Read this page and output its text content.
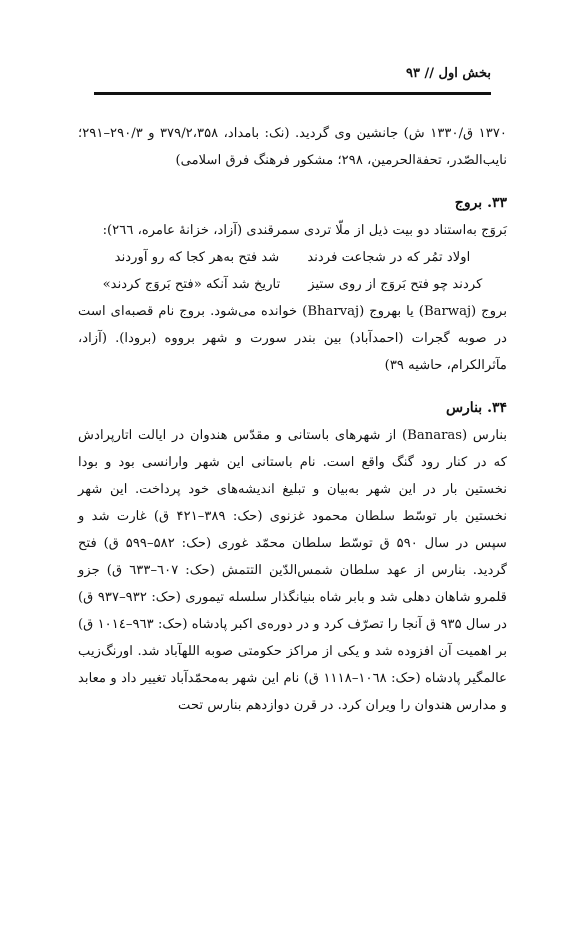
بخش اول // ۹۳

۱۳۷۰ ق/۱۳۳۰ ش) جانشین وی گردید. (نک: بامداد، ۳۷۹/۲،۳۵۸ و ۲۹۰/۳–۲۹۱؛ نایب‌الصّدر، تحفة‌الحرمین، ۲۹۸؛ مشکور فرهنگ فرق اسلامی)

۳۳. بروج

بَروَج به‌استناد دو بیت ذیل از ملّا تردی سمرقندی (آزاد، خزانهٔ عامره، ۲٦٦):

اولاد تمُر که در شجاعت فردند
شد فتح به‌هر کجا که رو آوردند
کردند چو فتح بَروَج از روی ستیز
تاریخ شد آنکه «فتح بَروَج کردند»

بروج (Barwaj) یا بهروج (Bharvaj) خوانده می‌شود. بروج نام قصبه‌ای است در صوبه گجرات (احمدآباد) بین بندر سورت و شهر برووه (برودا). (آزاد، مآثرالکرام، حاشیه ۳۹)

۳۴. بنارس

بنارس (Banaras) از شهرهای باستانی و مقدّس هندوان در ایالت اتارپرادش که در کنار رود گنگ واقع است. نام باستانی این شهر وارانسی بود و بودا نخستین بار در این شهر به‌بیان و تبلیغ اندیشه‌های خود پرداخت. این شهر نخستین بار توسّط سلطان محمود غزنوی (حک: ۳۸۹–۴۲۱ ق) غارت شد و سپس در سال ۵۹۰ ق توسّط سلطان محمّد غوری (حک: ۵۸۲–۵۹۹ ق) فتح گردید. بنارس از عهد سلطان شمس‌الدّین التتمش (حک: ٦۰۷–٦۳۳ ق) جزو قلمرو شاهان دهلی شد و بابر شاه بنیانگذار سلسله تیموری (حک: ۹۳۲–۹۳۷ ق) در سال ۹۳۵ ق آنجا را تصرّف کرد و در دوره‌ی اکبر پادشاه (حک: ۹٦۳–۱۰۱٤ ق) بر اهمیت آن افزوده شد و یکی از مراکز حکومتی صوبه اللهآباد شد. اورنگ‌زیب عالمگیر پادشاه (حک: ۱۰٦۸–۱۱۱۸ ق) نام این شهر به‌محمّدآباد تغییر داد و معابد و مدارس هندوان را ویران کرد. در قرن دوازدهم بنارس تحت
